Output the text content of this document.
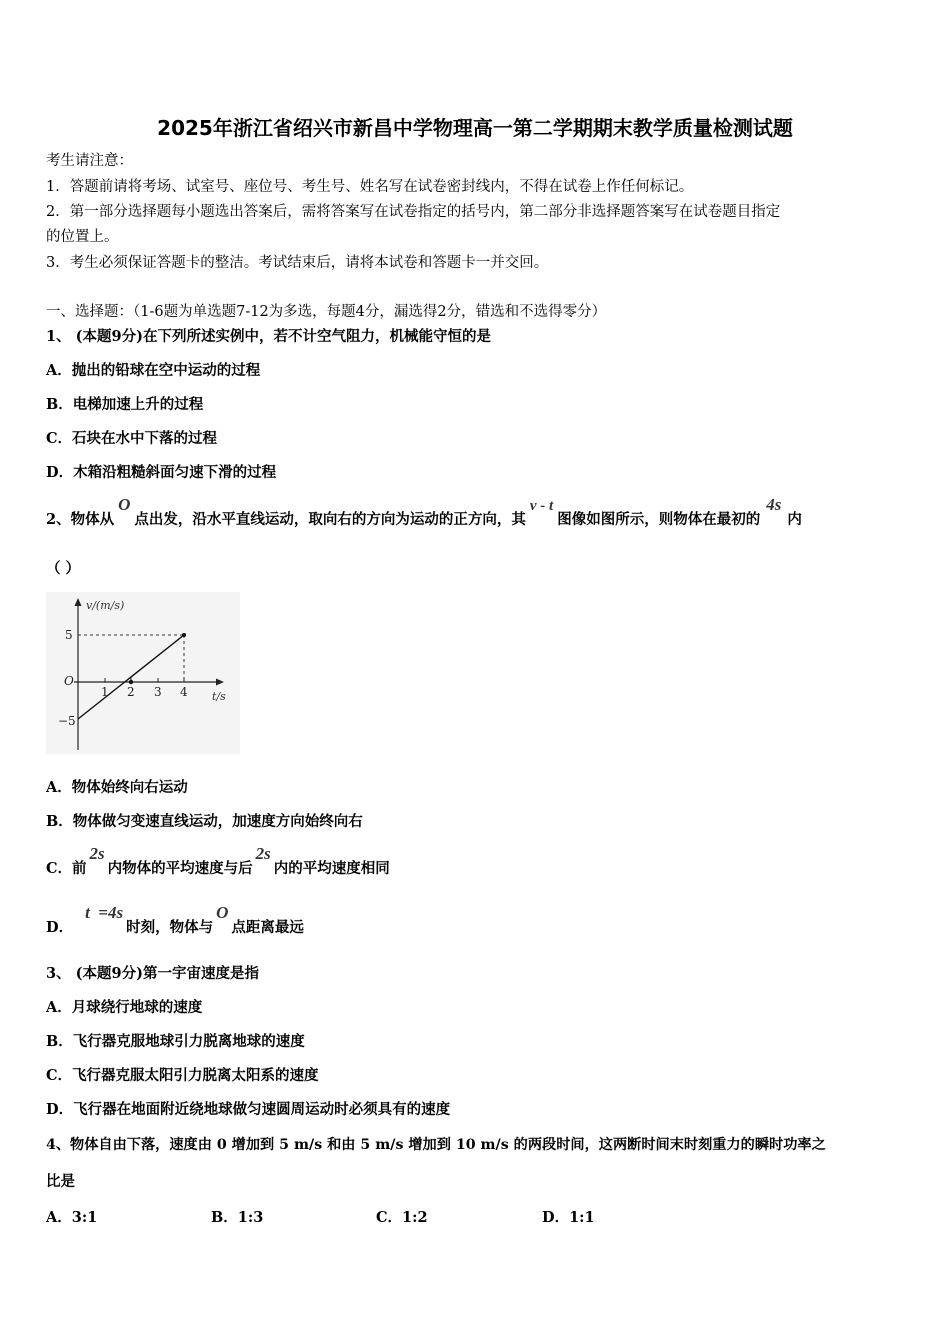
2025年浙江省绍兴市新昌中学物理高一第二学期期末教学质量检测试题
考生请注意：
1．答题前请将考场、试室号、座位号、考生号、姓名写在试卷密封线内，不得在试卷上作任何标记。
2．第一部分选择题每小题选出答案后，需将答案写在试卷指定的括号内，第二部分非选择题答案写在试卷题目指定
的位置上。
3．考生必须保证答题卡的整洁。考试结束后，请将本试卷和答题卡一并交回。
一、选择题：（1-6题为单选题7-12为多选，每题4分，漏选得2分，错选和不选得零分）
1、 (本题9分)在下列所述实例中，若不计空气阻力，机械能守恒的是
A．抛出的铅球在空中运动的过程
B．电梯加速上升的过程
C．石块在水中下落的过程
D．木箱沿粗糙斜面匀速下滑的过程
2、物体从O点出发，沿水平直线运动，取向右的方向为运动的正方向，其v - t图像如图所示，则物体在最初的4s内
（ ）
v/(m/s)
t/s
O
5
−5
1 2 3 4
A．物体始终向右运动
B．物体做匀变速直线运动，加速度方向始终向右
C．前2s内物体的平均速度与后2s内的平均速度相同
D．t  =4s时刻，物体与O点距离最远
3、 (本题9分)第一宇宙速度是指
A．月球绕行地球的速度
B．飞行器克服地球引力脱离地球的速度
C．飞行器克服太阳引力脱离太阳系的速度
D．飞行器在地面附近绕地球做匀速圆周运动时必须具有的速度
4、物体自由下落，速度由 0 增加到 5 m/s 和由 5 m/s 增加到 10 m/s 的两段时间，这两断时间末时刻重力的瞬时功率之
比是
A．3:1	B．1:3	C．1:2	D．1:1
